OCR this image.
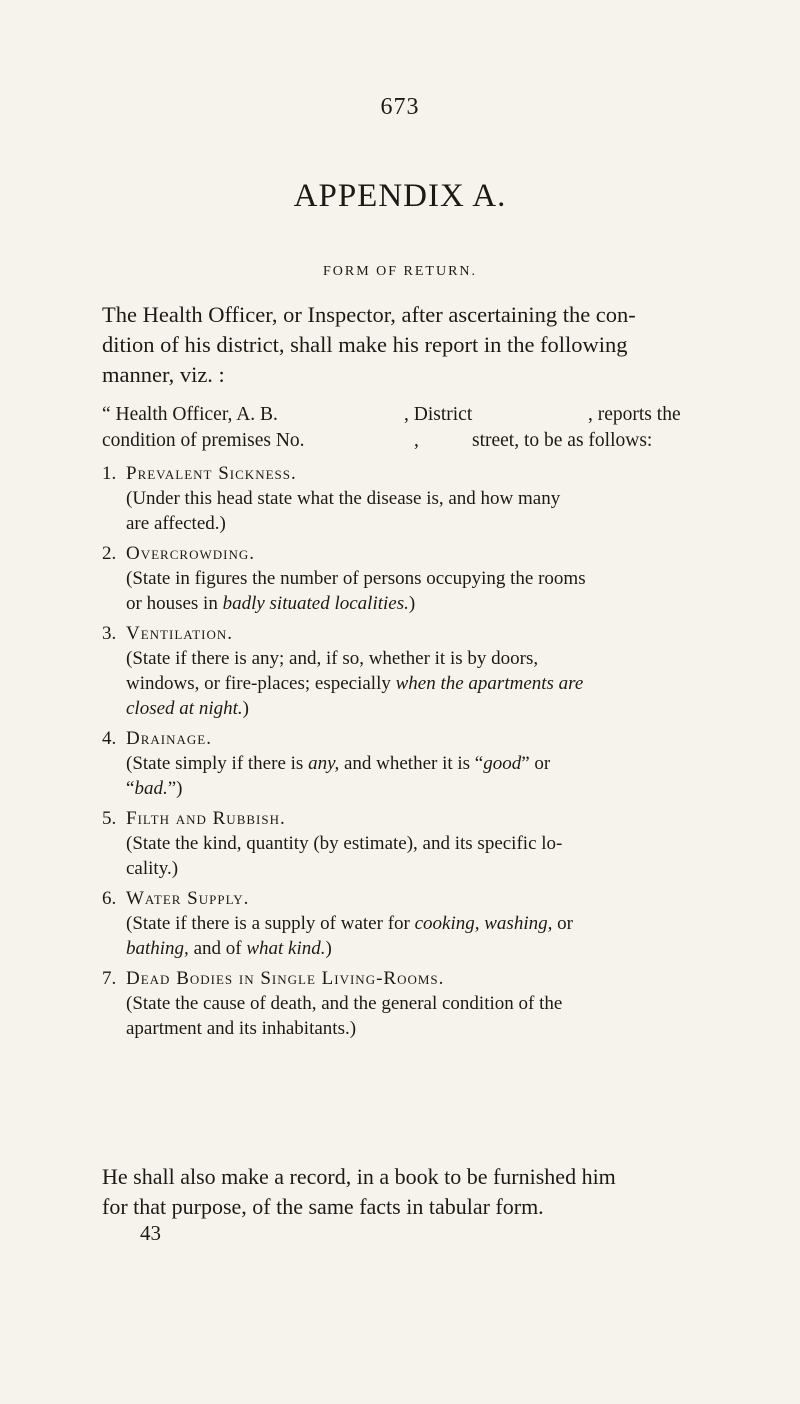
673
APPENDIX A.
FORM OF RETURN.
The Health Officer, or Inspector, after ascertaining the con-
dition of his district, shall make his report in the following
manner, viz. :
“ Health Officer, A. B.	, District	, reports the
condition of premises No.	,	street, to be as follows:
1. Prevalent Sickness.
(Under this head state what the disease is, and how many
are affected.)
2. Overcrowding.
(State in figures the number of persons occupying the rooms
or houses in badly situated localities.)
3. Ventilation.
(State if there is any; and, if so, whether it is by doors,
windows, or fire-places; especially when the apartments are
closed at night.)
4. Drainage.
(State simply if there is any, and whether it is “good” or
“bad.”)
5. Filth and Rubbish.
(State the kind, quantity (by estimate), and its specific lo-
cality.)
6. Water Supply.
(State if there is a supply of water for cooking, washing, or
bathing, and of what kind.)
7. Dead Bodies in Single Living-Rooms.
(State the cause of death, and the general condition of the
apartment and its inhabitants.)
He shall also make a record, in a book to be furnished him
for that purpose, of the same facts in tabular form.
43
